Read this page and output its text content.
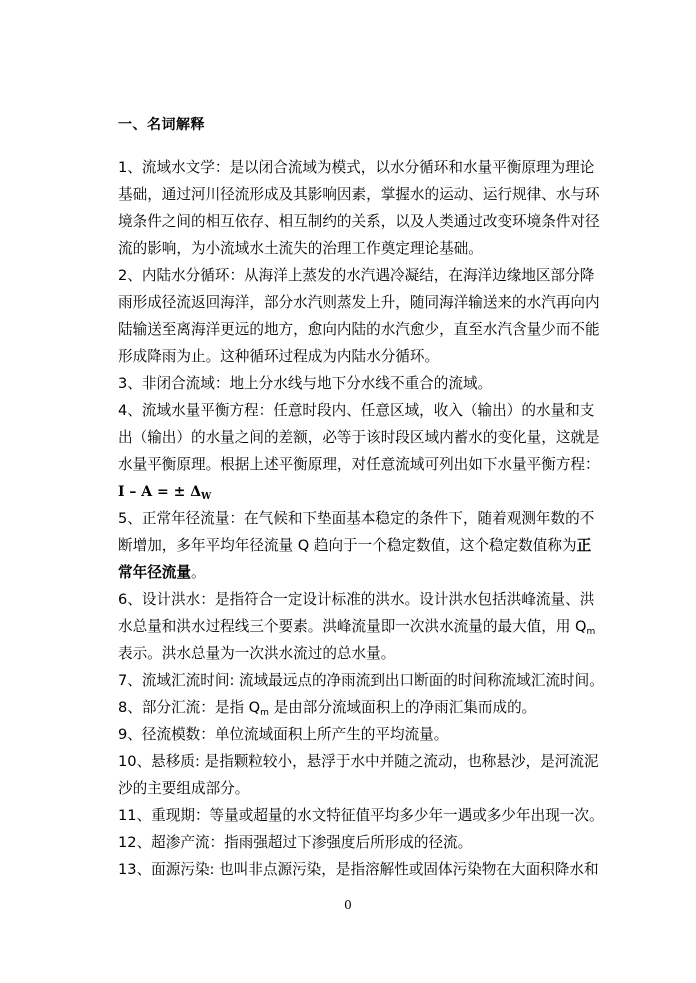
一、名词解释
1、流域水文学：是以闭合流域为模式，以水分循环和水量平衡原理为理论
基础，通过河川径流形成及其影响因素，掌握水的运动、运行规律、水与环
境条件之间的相互依存、相互制约的关系，以及人类通过改变环境条件对径
流的影响，为小流域水土流失的治理工作奠定理论基础。
2、内陆水分循环：从海洋上蒸发的水汽遇冷凝结，在海洋边缘地区部分降
雨形成径流返回海洋，部分水汽则蒸发上升，随同海洋输送来的水汽再向内
陆输送至离海洋更远的地方，愈向内陆的水汽愈少，直至水汽含量少而不能
形成降雨为止。这种循环过程成为内陆水分循环。
3、非闭合流域：地上分水线与地下分水线不重合的流域。
4、流域水量平衡方程：任意时段内、任意区域，收入（输出）的水量和支
出（输出）的水量之间的差额，必等于该时段区域内蓄水的变化量，这就是
水量平衡原理。根据上述平衡原理，对任意流域可列出如下水量平衡方程：
I – A = ± $\Delta_W$
5、正常年径流量：在气候和下垫面基本稳定的条件下，随着观测年数的不
断增加，多年平均年径流量 Q 趋向于一个稳定数值，这个稳定数值称为正
常年径流量。
6、设计洪水：是指符合一定设计标准的洪水。设计洪水包括洪峰流量、洪
水总量和洪水过程线三个要素。洪峰流量即一次洪水流量的最大值，用 $Q_m$
表示。洪水总量为一次洪水流过的总水量。
7、流域汇流时间: 流域最远点的净雨流到出口断面的时间称流域汇流时间。
8、部分汇流：是指 $Q_m$ 是由部分流域面积上的净雨汇集而成的。
9、径流模数：单位流域面积上所产生的平均流量。
10、悬移质: 是指颗粒较小，悬浮于水中并随之流动，也称悬沙，是河流泥
沙的主要组成部分。
11、重现期：等量或超量的水文特征值平均多少年一遇或多少年出现一次。
12、超渗产流：指雨强超过下渗强度后所形成的径流。
13、面源污染: 也叫非点源污染，是指溶解性或固体污染物在大面积降水和
0
